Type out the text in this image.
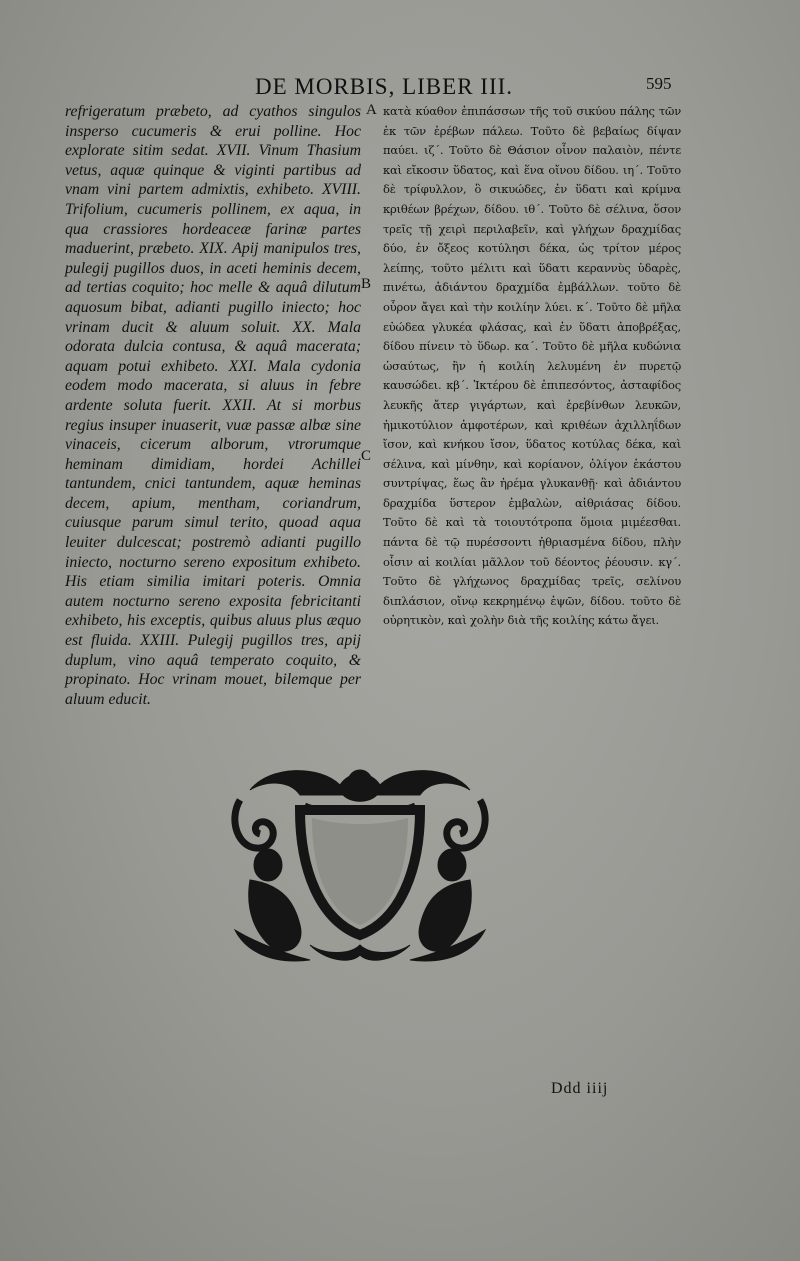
DE MORBIS, LIBER III.	595
A
B
C
refrigeratum præbeto, ad cyathos singulos insperso cucumeris & erui polline. Hoc explorate sitim sedat. XVII. Vinum Thasium vetus, aquæ quinque & viginti partibus ad vnam vini partem admixtis, exhibeto. XVIII. Trifolium, cucumeris pollinem, ex aqua, in qua crassiores hordeaceæ farinæ partes maduerint, præbeto. XIX. Apij manipulos tres, pulegij pugillos duos, in aceti heminis decem, ad tertias coquito; hoc melle & aquâ dilutum aquosum bibat, adianti pugillo iniecto; hoc vrinam ducit & aluum soluit. XX. Mala odorata dulcia contusa, & aquâ macerata; aquam potui exhibeto. XXI. Mala cydonia eodem modo macerata, si aluus in febre ardente soluta fuerit. XXII. At si morbus regius insuper inuaserit, vuæ passæ albæ sine vinaceis, cicerum alborum, vtrorumque heminam dimidiam, hordei Achillei tantundem, cnici tantundem, aquæ heminas decem, apium, mentham, coriandrum, cuiusque parum simul terito, quoad aqua leuiter dulcescat; postremò adianti pugillo iniecto, nocturno sereno expositum exhibeto. His etiam similia imitari poteris. Omnia autem nocturno sereno exposita febricitanti exhibeto, his exceptis, quibus aluus plus æquo est fluida. XXIII. Pulegij pugillos tres, apij duplum, vino aquâ temperato coquito, & propinato. Hoc vrinam mouet, bilemque per aluum educit.
κατὰ κύαθον ἐπιπάσσων τῆς τοῦ σικύου πάλης τῶν ἐκ τῶν ἐρέβων πάλεω. Τοῦτο δὲ βεβαίως δίψαν παύει. ιζ΄. Τοῦτο δὲ Θάσιον οἶνον παλαιὸν, πέντε καὶ εἴκοσιν ὕδατος, καὶ ἕνα οἴνου δίδου. ιη΄. Τοῦτο δὲ τρίφυλλον, ὃ σικυώδες, ἐν ὕδατι καὶ κρίμνα κριθέων βρέχων, δίδου. ιθ΄. Τοῦτο δὲ σέλινα, ὅσον τρεῖς τῇ χειρὶ περιλαβεῖν, καὶ γλήχων δραχμίδας δύο, ἐν ὄξεος κοτύλησι δέκα, ὡς τρίτον μέρος λείπης, τοῦτο μέλιτι καὶ ὕδατι κεραννὺς ὑδαρὲς, πινέτω, ἀδιάντου δραχμίδα ἐμβάλλων. τοῦτο δὲ οὖρον ἄγει καὶ τὴν κοιλίην λύει. κ΄. Τοῦτο δὲ μῆλα εὐώδεα γλυκέα φλάσας, καὶ ἐν ὕδατι ἀποβρέξας, δίδου πίνειν τὸ ὕδωρ. κα΄. Τοῦτο δὲ μῆλα κυδώνια ὡσαύτως, ἢν ἡ κοιλίη λελυμένη ἐν πυρετῷ καυσώδει. κβ΄. Ἰκτέρου δὲ ἐπιπεσόντος, ἀσταφίδος λευκῆς ἄτερ γιγάρτων, καὶ ἐρεβίνθων λευκῶν, ἡμικοτύλιον ἀμφοτέρων, καὶ κριθέων ἀχιλληΐδων ἴσον, καὶ κνήκου ἴσον, ὕδατος κοτύλας δέκα, καὶ σέλινα, καὶ μίνθην, καὶ κορίανον, ὀλίγον ἑκάστου συντρίψας, ἕως ἂν ἠρέμα γλυκανθῇ· καὶ ἀδιάντου δραχμίδα ὕστερον ἐμβαλὼν, αἰθριάσας δίδου. Τοῦτο δὲ καὶ τὰ τοιουτότροπα ὅμοια μιμέεσθαι. πάντα δὲ τῷ πυρέσσοντι ἠθριασμένα δίδου, πλὴν οἷσιν αἱ κοιλίαι μᾶλλον τοῦ δέοντος ῥέουσιν. κγ΄. Τοῦτο δὲ γλήχωνος δραχμίδας τρεῖς, σελίνου διπλάσιον, οἴνῳ κεκρημένῳ ἑψῶν, δίδου. τοῦτο δὲ οὐρητικὸν, καὶ χολὴν διὰ τῆς κοιλίης κάτω ἄγει.
Ddd iiij
